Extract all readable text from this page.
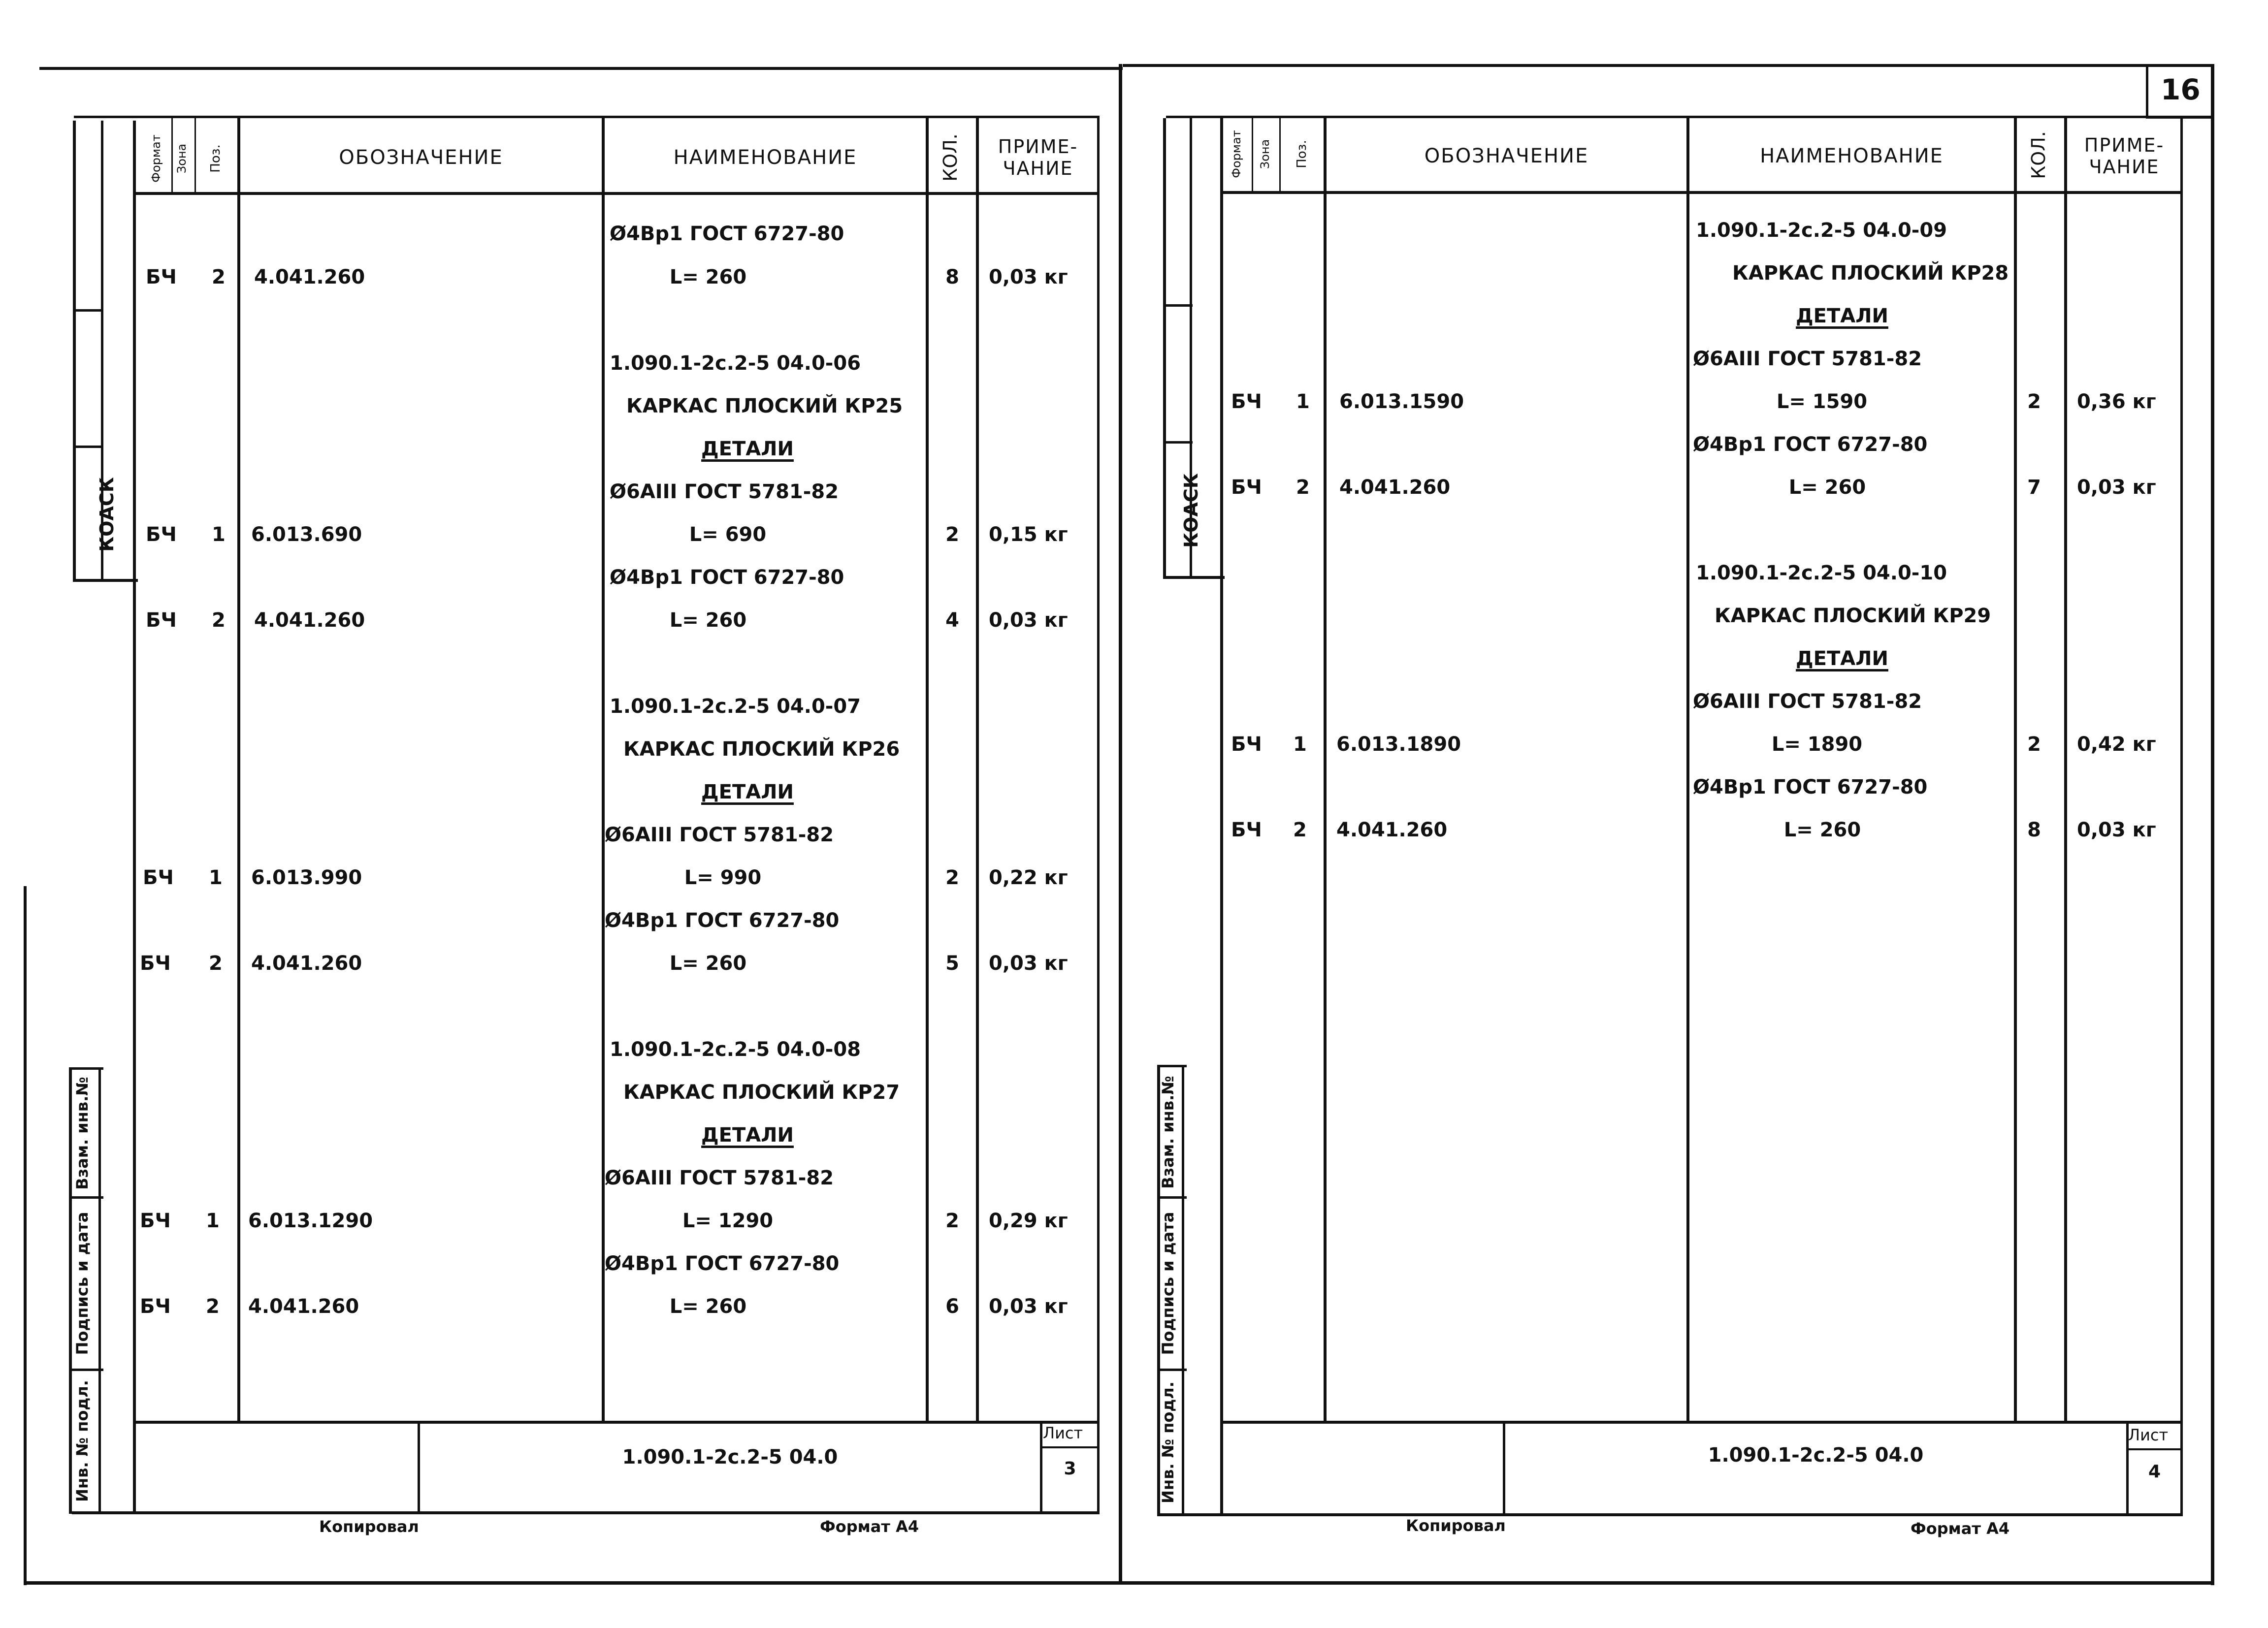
16
КОАСК
Взам. инв.№
Подпись и дата
Инв. № подл.
Формат Зона Поз.	ОБОЗНАЧЕНИЕ	НАИМЕНОВАНИЕ	КОЛ.	ПРИМЕ-ЧАНИЕ
1.090.1-2с.2-5 04.0
Лист
3
Копировал	Формат А4
Ø4Вр1 ГОСТ 6727-80
БЧ 2 4.041.260	L= 260	8	0,03 кг
1.090.1-2с.2-5 04.0-06
КАРКАС ПЛОСКИЙ КР25
ДЕТАЛИ
Ø6АIII ГОСТ 5781-82
БЧ 1 6.013.690	L= 690	2	0,15 кг
Ø4Вр1 ГОСТ 6727-80
БЧ 2 4.041.260	L= 260	4	0,03 кг
1.090.1-2с.2-5 04.0-07
КАРКАС ПЛОСКИЙ КР26
ДЕТАЛИ
Ø6АIII ГОСТ 5781-82
БЧ 1 6.013.990	L= 990	2	0,22 кг
Ø4Вр1 ГОСТ 6727-80
БЧ 2 4.041.260	L= 260	5	0,03 кг
1.090.1-2с.2-5 04.0-08
КАРКАС ПЛОСКИЙ КР27
ДЕТАЛИ
Ø6АIII ГОСТ 5781-82
БЧ 1 6.013.1290	L= 1290	2	0,29 кг
Ø4Вр1 ГОСТ 6727-80
БЧ 2 4.041.260	L= 260	6	0,03 кг
КОАСК
Взам. инв.№
Подпись и дата
Инв. № подл.
Формат Зона Поз.	ОБОЗНАЧЕНИЕ	НАИМЕНОВАНИЕ	КОЛ.	ПРИМЕ-ЧАНИЕ
1.090.1-2с.2-5 04.0
Лист
4
Копировал	Формат А4
1.090.1-2с.2-5 04.0-09
КАРКАС ПЛОСКИЙ КР28
ДЕТАЛИ
Ø6АIII ГОСТ 5781-82
БЧ 1 6.013.1590	L= 1590	2	0,36 кг
Ø4Вр1 ГОСТ 6727-80
БЧ 2 4.041.260	L= 260	7	0,03 кг
1.090.1-2с.2-5 04.0-10
КАРКАС ПЛОСКИЙ КР29
ДЕТАЛИ
Ø6АIII ГОСТ 5781-82
БЧ 1 6.013.1890	L= 1890	2	0,42 кг
Ø4Вр1 ГОСТ 6727-80
БЧ 2 4.041.260	L= 260	8	0,03 кг
